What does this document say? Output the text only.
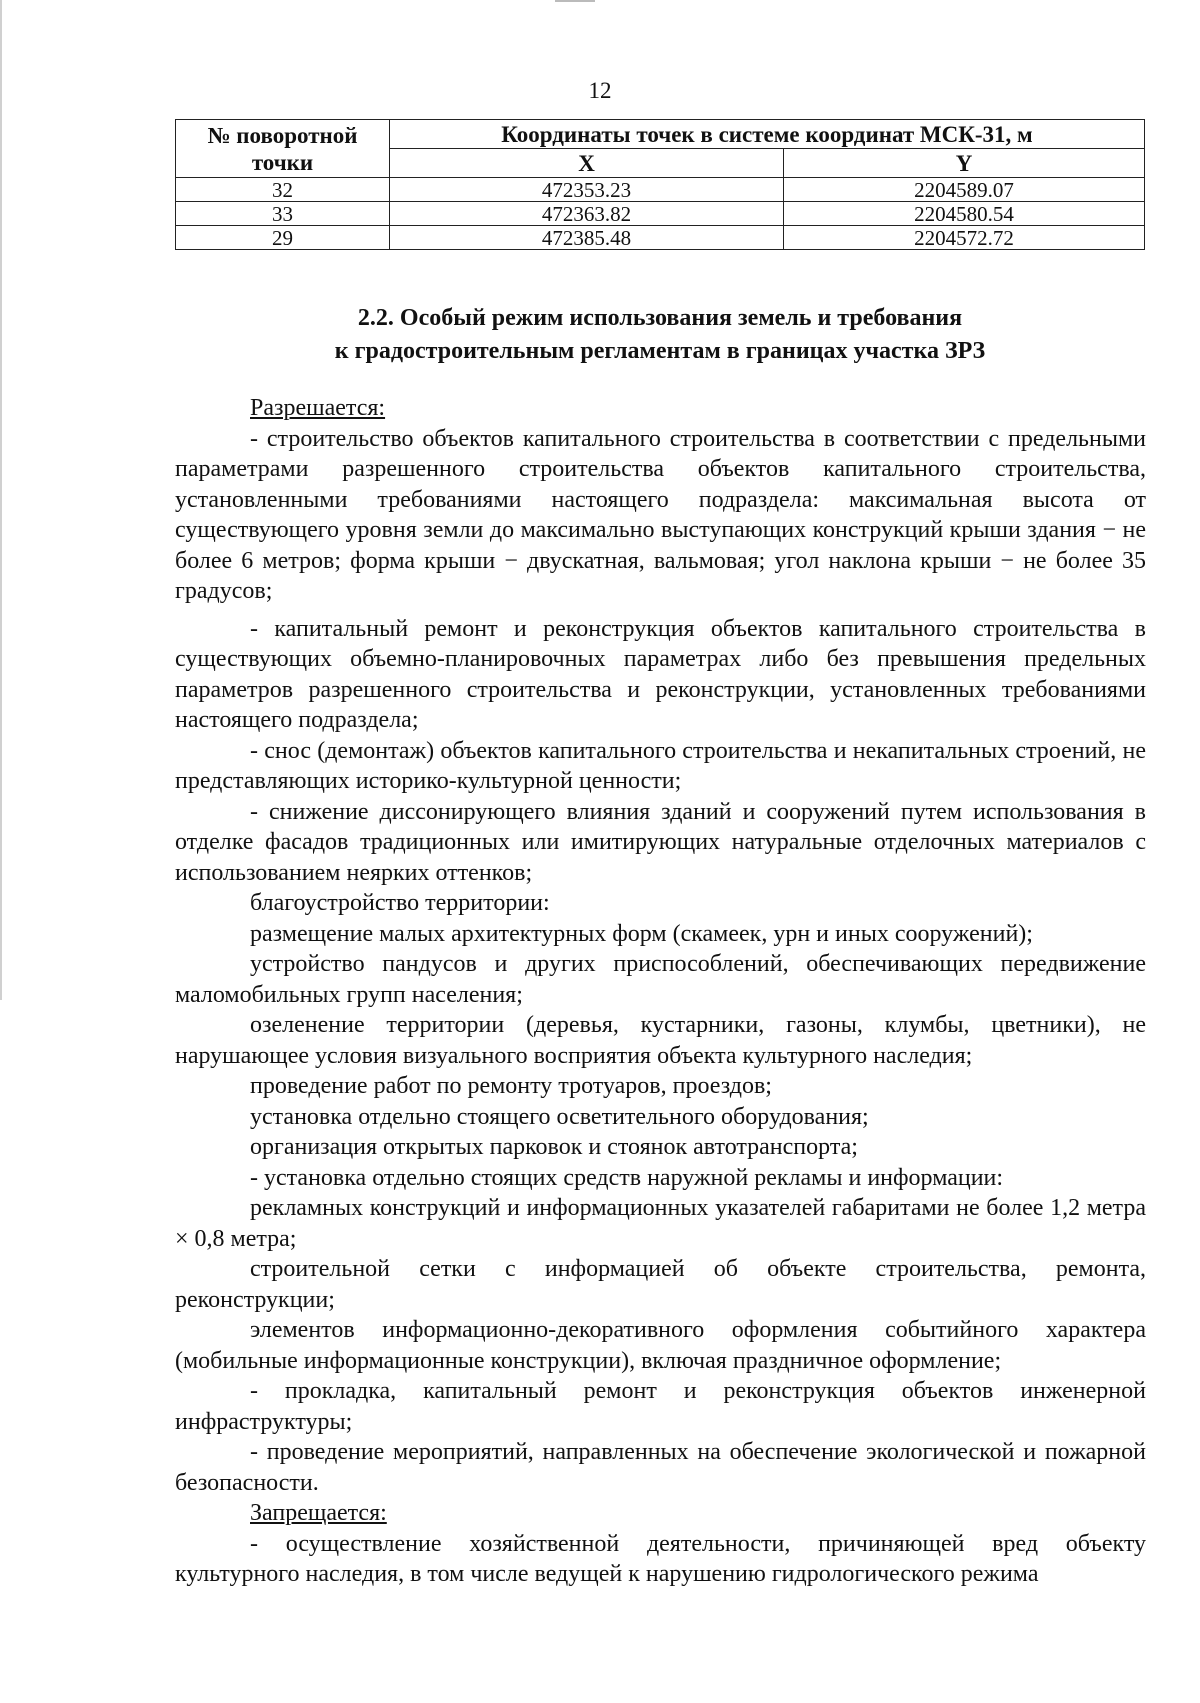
12
№ поворотной точки	Координаты точек в системе координат МСК-31, м	
	X	Y
32	472353.23	2204589.07
33	472363.82	2204580.54
29	472385.48	2204572.72
2.2. Особый режим использования земель и требования
к градостроительным регламентам в границах участка ЗРЗ

Разрешается:

- строительство объектов капитального строительства в соответствии с предельными параметрами разрешенного строительства объектов капитального строительства, установленными требованиями настоящего подраздела: максимальная высота от существующего уровня земли до максимально выступающих конструкций крыши здания − не более 6 метров; форма крыши − двускатная, вальмовая; угол наклона крыши − не более 35 градусов;

- капитальный ремонт и реконструкция объектов капитального строительства в существующих объемно-планировочных параметрах либо без превышения предельных параметров разрешенного строительства и реконструкции, установленных требованиями настоящего подраздела;

- снос (демонтаж) объектов капитального строительства и некапитальных строений, не представляющих историко-культурной ценности;

- снижение диссонирующего влияния зданий и сооружений путем использования в отделке фасадов традиционных или имитирующих натуральные отделочных материалов с использованием неярких оттенков;

благоустройство территории:

размещение малых архитектурных форм (скамеек, урн и иных сооружений);

устройство пандусов и других приспособлений, обеспечивающих передвижение маломобильных групп населения;

озеленение территории (деревья, кустарники, газоны, клумбы, цветники), не нарушающее условия визуального восприятия объекта культурного наследия;

проведение работ по ремонту тротуаров, проездов;

установка отдельно стоящего осветительного оборудования;

организация открытых парковок и стоянок автотранспорта;

- установка отдельно стоящих средств наружной рекламы и информации:

рекламных конструкций и информационных указателей габаритами не более 1,2 метра × 0,8 метра;

строительной сетки с информацией об объекте строительства, ремонта, реконструкции;

элементов информационно-декоративного оформления событийного характера (мобильные информационные конструкции), включая праздничное оформление;

- прокладка, капитальный ремонт и реконструкция объектов инженерной инфраструктуры;

- проведение мероприятий, направленных на обеспечение экологической и пожарной безопасности.

Запрещается:

- осуществление хозяйственной деятельности, причиняющей вред объекту культурного наследия, в том числе ведущей к нарушению гидрологического режима
